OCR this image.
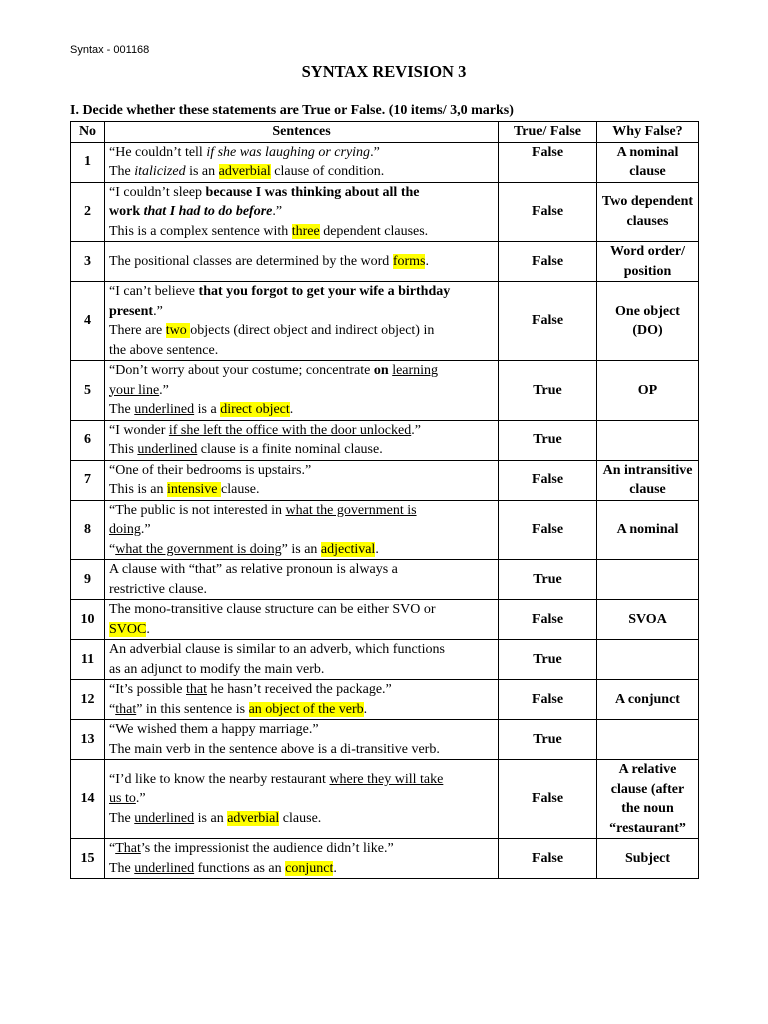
Syntax - 001168
SYNTAX REVISION 3
I. Decide whether these statements are True or False. (10 items/ 3,0 marks)
No	Sentences	True/ False	Why False?
1	“He couldn’t tell if she was laughing or crying.”
The italicized is an adverbial clause of condition.	False	A nominal clause
2	“I couldn’t sleep because I was thinking about all the
work that I had to do before.”
This is a complex sentence with three dependent clauses.	False	Two dependent clauses
3	The positional classes are determined by the word forms.	False	Word order/ position
4	“I can’t believe that you forgot to get your wife a birthday
present.”
There are two objects (direct object and indirect object) in
the above sentence.	False	One object (DO)
5	“Don’t worry about your costume; concentrate on learning
your line.”
The underlined is a direct object.	True	OP
6	“I wonder if she left the office with the door unlocked.”
This underlined clause is a finite nominal clause.	True	
7	“One of their bedrooms is upstairs.”
This is an intensive clause.	False	An intransitive clause
8	“The public is not interested in what the government is
doing.”
“what the government is doing” is an adjectival.	False	A nominal
9	A clause with “that” as relative pronoun is always a
restrictive clause.	True	
10	The mono-transitive clause structure can be either SVO or
SVOC.	False	SVOA
11	An adverbial clause is similar to an adverb, which functions
as an adjunct to modify the main verb.	True	
12	“It’s possible that he hasn’t received the package.”
“that” in this sentence is an object of the verb.	False	A conjunct
13	“We wished them a happy marriage.”
The main verb in the sentence above is a di-transitive verb.	True	
14	“I’d like to know the nearby restaurant where they will take
us to.”
The underlined is an adverbial clause.	False	A relative clause (after the noun “restaurant”
15	“That’s the impressionist the audience didn’t like.”
The underlined functions as an conjunct.	False	Subject
